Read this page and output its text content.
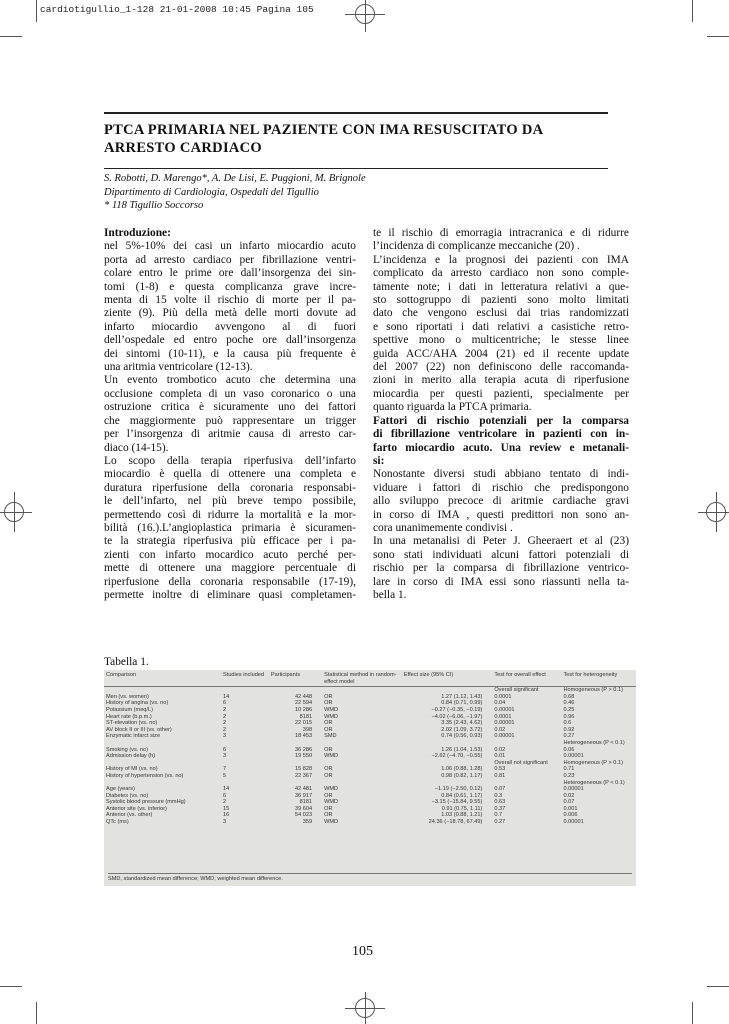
cardiotigullio_1-128 21-01-2008 10:45 Pagina 105
PTCA PRIMARIA NEL PAZIENTE CON IMA RESUSCITATO DA
ARRESTO CARDIACO
S. Robotti, D. Marengo*, A. De Lisi, E. Puggioni, M. Brignole
Dipartimento di Cardiologia, Ospedali del Tigullio
* 118 Tigullio Soccorso
Introduzione:
nel 5%-10% dei casi un infarto miocardio acuto
porta ad arresto cardiaco per fibrillazione ventri-
colare entro le prime ore dall’insorgenza dei sin-
tomi (1-8) e questa complicanza grave incre-
menta di 15 volte il rischio di morte per il pa-
ziente (9). Più della metà delle morti dovute ad
infarto miocardio avvengono al di fuori
dell’ospedale ed entro poche ore dall’insorgenza
dei sintomi (10-11), e la causa più frequente è
una aritmia ventricolare (12-13).
Un evento trombotico acuto che determina una
occlusione completa di un vaso coronarico o una
ostruzione critica è sicuramente uno dei fattori
che maggiormente può rappresentare un trigger
per l’insorgenza di aritmie causa di arresto car-
diaco (14-15).
Lo scopo della terapia riperfusiva dell’infarto
miocardio è quella di ottenere una completa e
duratura riperfusione della coronaria responsabi-
le dell’infarto, nel più breve tempo possibile,
permettendo così di ridurre la mortalità e la mor-
bilità (16.).L’angioplastica primaria è sicuramen-
te la strategia riperfusiva più efficace per i pa-
zienti con infarto mocardico acuto perché per-
mette di ottenere una maggiore percentuale di
riperfusione della coronaria responsabile (17-19),
permette inoltre di eliminare quasi completamen-
te il rischio di emorragia intracranica e di ridurre
l’incidenza di complicanze meccaniche (20) .
L’incidenza e la prognosi dei pazienti con IMA
complicato da arresto cardiaco non sono comple-
tamente note; i dati in letteratura relativi a que-
sto sottogruppo di pazienti sono molto limitati
dato che vengono esclusi dai trias randomizzati
e sono riportati i dati relativi a casistiche retro-
spettive mono o multicentriche; le stesse linee
guida ACC/AHA 2004 (21) ed il recente update
del 2007 (22) non definiscono delle raccomanda-
zioni in merito alla terapia acuta di riperfusione
miocardia per questi pazienti, specialmente per
quanto riguarda la PTCA primaria.
Fattori di rischio potenziali per la comparsa
di fibrillazione ventricolare in pazienti con in-
farto miocardio acuto. Una review e metanali-
si:
Nonostante diversi studi abbiano tentato di indi-
viduare i fattori di rischio che predispongono
allo sviluppo precoce di aritmie cardiache gravi
in corso di IMA , questi predittori non sono an-
cora unanimemente condivisi .
In una metanalisi di Peter J. Gheeraert et al (23)
sono stati individuati alcuni fattori potenziali di
rischio per la comparsa di fibrillazione ventrico-
lare in corso di IMA essi sono riassunti nella ta-
bella 1.
Tabella 1.
Comparison	Studies included	Participants	Statistical method in random-effect model	Effect size (95% CI)	Test for overall effect	Test for heterogeneity
					Overall significant	Homogeneous (P > 0.1)
Men (vs. women)	14	42 448	OR	1.27 (1.12, 1.43)	0.0001	0.68
History of angina (vs. no)	6	22 594	OR	0.84 (0.71, 0.99)	0.04	0.46
Potassium (meq/L)	2	10 286	WMD	−0.27 (−0.35, −0.19)	0.00001	0.25
Heart rate (b.p.m.)	2	8181	WMD	−4.02 (−6.06, −1.97)	0.0001	0.96
ST-elevation (vs. no)	2	22 015	OR	3.35 (2.43, 4.62)	0.00001	0.6
AV block II or III (vs. other)	2	398	OR	2.02 (1.09, 3.72)	0.02	0.92
Enzymatic infarct size	3	18 453	SMD	0.74 (0.56, 0.93)	0.00001	0.27
						Heterogeneous (P < 0.1)
Smoking (vs. no)	6	36 286	OR	1.26 (1.04, 1.53)	0.02	0.06
Admission delay (h)	3	19 550	WMD	−2.62 (−4.70, −0.55)	0.01	0.00001
					Overall not significant	Homogeneous (P > 0.1)
History of MI (vs. no)	7	15 828	OR	1.06 (0.88, 1.28)	0.53	0.71
History of hypertension (vs. no)	5	22 367	OR	0.98 (0.82, 1.17)	0.81	0.23
						Heterogeneous (P < 0.1)
Age (years)	14	42 481	WMD	−1.19 (−2.50, 0.12)	0.07	0.00001
Diabetes (vs. no)	6	36 917	OR	0.84 (0.61, 1.17)	0.3	0.02
Systolic blood pressure (mmHg)	2	8181	WMD	−3.15 (−15.84, 9.55)	0.63	0.07
Anterior site (vs. inferior)	15	39 604	OR	0.91 (0.75, 1.11)	0.37	0.001
Anterior (vs. other)	16	54 023	OR	1.03 (0.88, 1.21)	0.7	0.006
QTc (ms)	3	359	WMD	24.36 (−18.78, 67.49)	0.27	0.00001
SMD, standardized mean difference; WMD, weighted mean difference.
105
